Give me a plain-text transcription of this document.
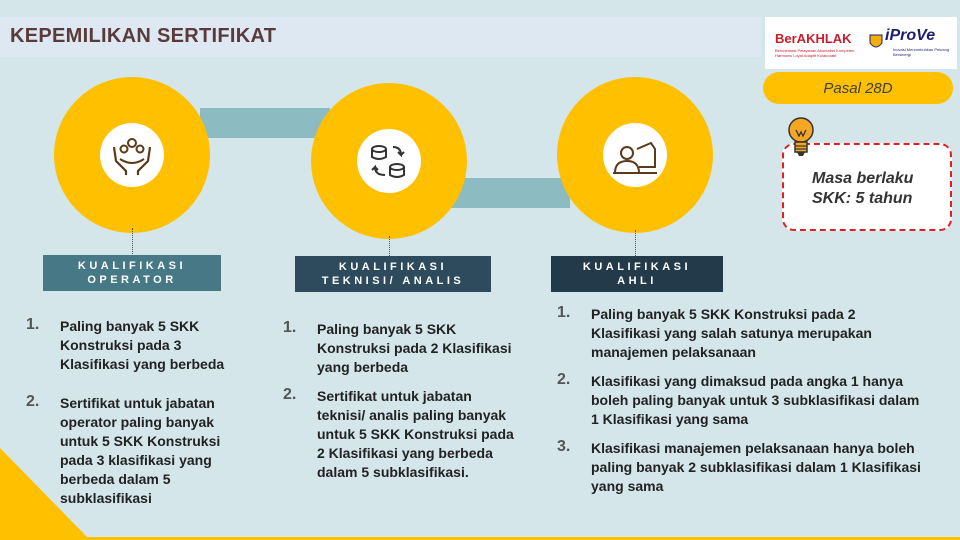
KEPEMILIKAN SERTIFIKAT	BerAKHLAK
Berorientasi Pelayanan Akuntabel Kompeten Harmonis Loyal Adaptif Kolaboratif
iProVe
Inovasi Menumbuhkan Peluang Bersinergi
Pasal 28D
Masa berlaku
SKK: 5 tahun
KUALIFIKASI
OPERATOR
KUALIFIKASI
TEKNISI/ ANALIS
KUALIFIKASI
AHLI
1. Paling banyak 5 SKK Konstruksi pada 3 Klasifikasi yang berbeda
2. Sertifikat untuk jabatan operator paling banyak untuk 5 SKK Konstruksi pada 3 klasifikasi yang berbeda dalam 5 subklasifikasi
1. Paling banyak 5 SKK Konstruksi pada 2 Klasifikasi yang berbeda
2. Sertifikat untuk jabatan teknisi/ analis paling banyak untuk 5 SKK Konstruksi pada 2 Klasifikasi yang berbeda dalam 5 subklasifikasi.
1. Paling banyak 5 SKK Konstruksi pada 2 Klasifikasi yang salah satunya merupakan manajemen pelaksanaan
2. Klasifikasi yang dimaksud pada angka 1 hanya boleh paling banyak untuk 3 subklasifikasi dalam 1 Klasifikasi yang sama
3. Klasifikasi manajemen pelaksanaan hanya boleh paling banyak 2 subklasifikasi dalam 1 Klasifikasi yang sama
